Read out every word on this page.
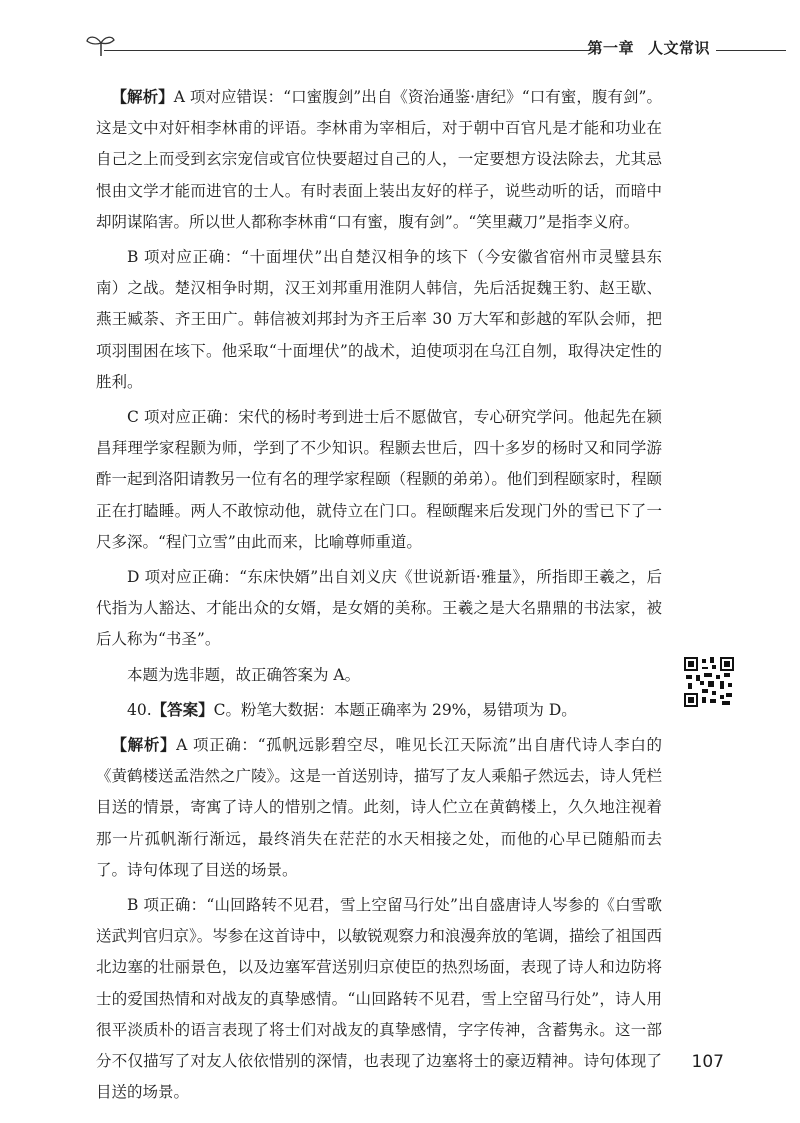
第一章 人文常识

【解析】A 项对应错误：“口蜜腹剑”出自《资治通鉴·唐纪》“口有蜜，腹有剑”。这是文中对奸相李林甫的评语。李林甫为宰相后，对于朝中百官凡是才能和功业在自己之上而受到玄宗宠信或官位快要超过自己的人，一定要想方设法除去，尤其忌恨由文学才能而进官的士人。有时表面上装出友好的样子，说些动听的话，而暗中却阴谋陷害。所以世人都称李林甫“口有蜜，腹有剑”。“笑里藏刀”是指李义府。

B 项对应正确：“十面埋伏”出自楚汉相争的垓下（今安徽省宿州市灵璧县东南）之战。楚汉相争时期，汉王刘邦重用淮阴人韩信，先后活捉魏王豹、赵王歇、燕王臧荼、齐王田广。韩信被刘邦封为齐王后率 30 万大军和彭越的军队会师，把项羽围困在垓下。他采取“十面埋伏”的战术，迫使项羽在乌江自刎，取得决定性的胜利。

C 项对应正确：宋代的杨时考到进士后不愿做官，专心研究学问。他起先在颍昌拜理学家程颢为师，学到了不少知识。程颢去世后，四十多岁的杨时又和同学游酢一起到洛阳请教另一位有名的理学家程颐（程颢的弟弟）。他们到程颐家时，程颐正在打瞌睡。两人不敢惊动他，就侍立在门口。程颐醒来后发现门外的雪已下了一尺多深。“程门立雪”由此而来，比喻尊师重道。

D 项对应正确：“东床快婿”出自刘义庆《世说新语·雅量》，所指即王羲之，后代指为人豁达、才能出众的女婿，是女婿的美称。王羲之是大名鼎鼎的书法家，被后人称为“书圣”。

本题为选非题，故正确答案为 A。

40.【答案】C。粉笔大数据：本题正确率为 29%，易错项为 D。

【解析】A 项正确：“孤帆远影碧空尽，唯见长江天际流”出自唐代诗人李白的《黄鹤楼送孟浩然之广陵》。这是一首送别诗，描写了友人乘船孑然远去，诗人凭栏目送的情景，寄寓了诗人的惜别之情。此刻，诗人伫立在黄鹤楼上，久久地注视着那一片孤帆渐行渐远，最终消失在茫茫的水天相接之处，而他的心早已随船而去了。诗句体现了目送的场景。

B 项正确：“山回路转不见君，雪上空留马行处”出自盛唐诗人岑参的《白雪歌送武判官归京》。岑参在这首诗中，以敏锐观察力和浪漫奔放的笔调，描绘了祖国西北边塞的壮丽景色，以及边塞军营送别归京使臣的热烈场面，表现了诗人和边防将士的爱国热情和对战友的真挚感情。“山回路转不见君，雪上空留马行处”，诗人用很平淡质朴的语言表现了将士们对战友的真挚感情，字字传神，含蓄隽永。这一部分不仅描写了对友人依依惜别的深情，也表现了边塞将士的豪迈精神。诗句体现了目送的场景。

107
